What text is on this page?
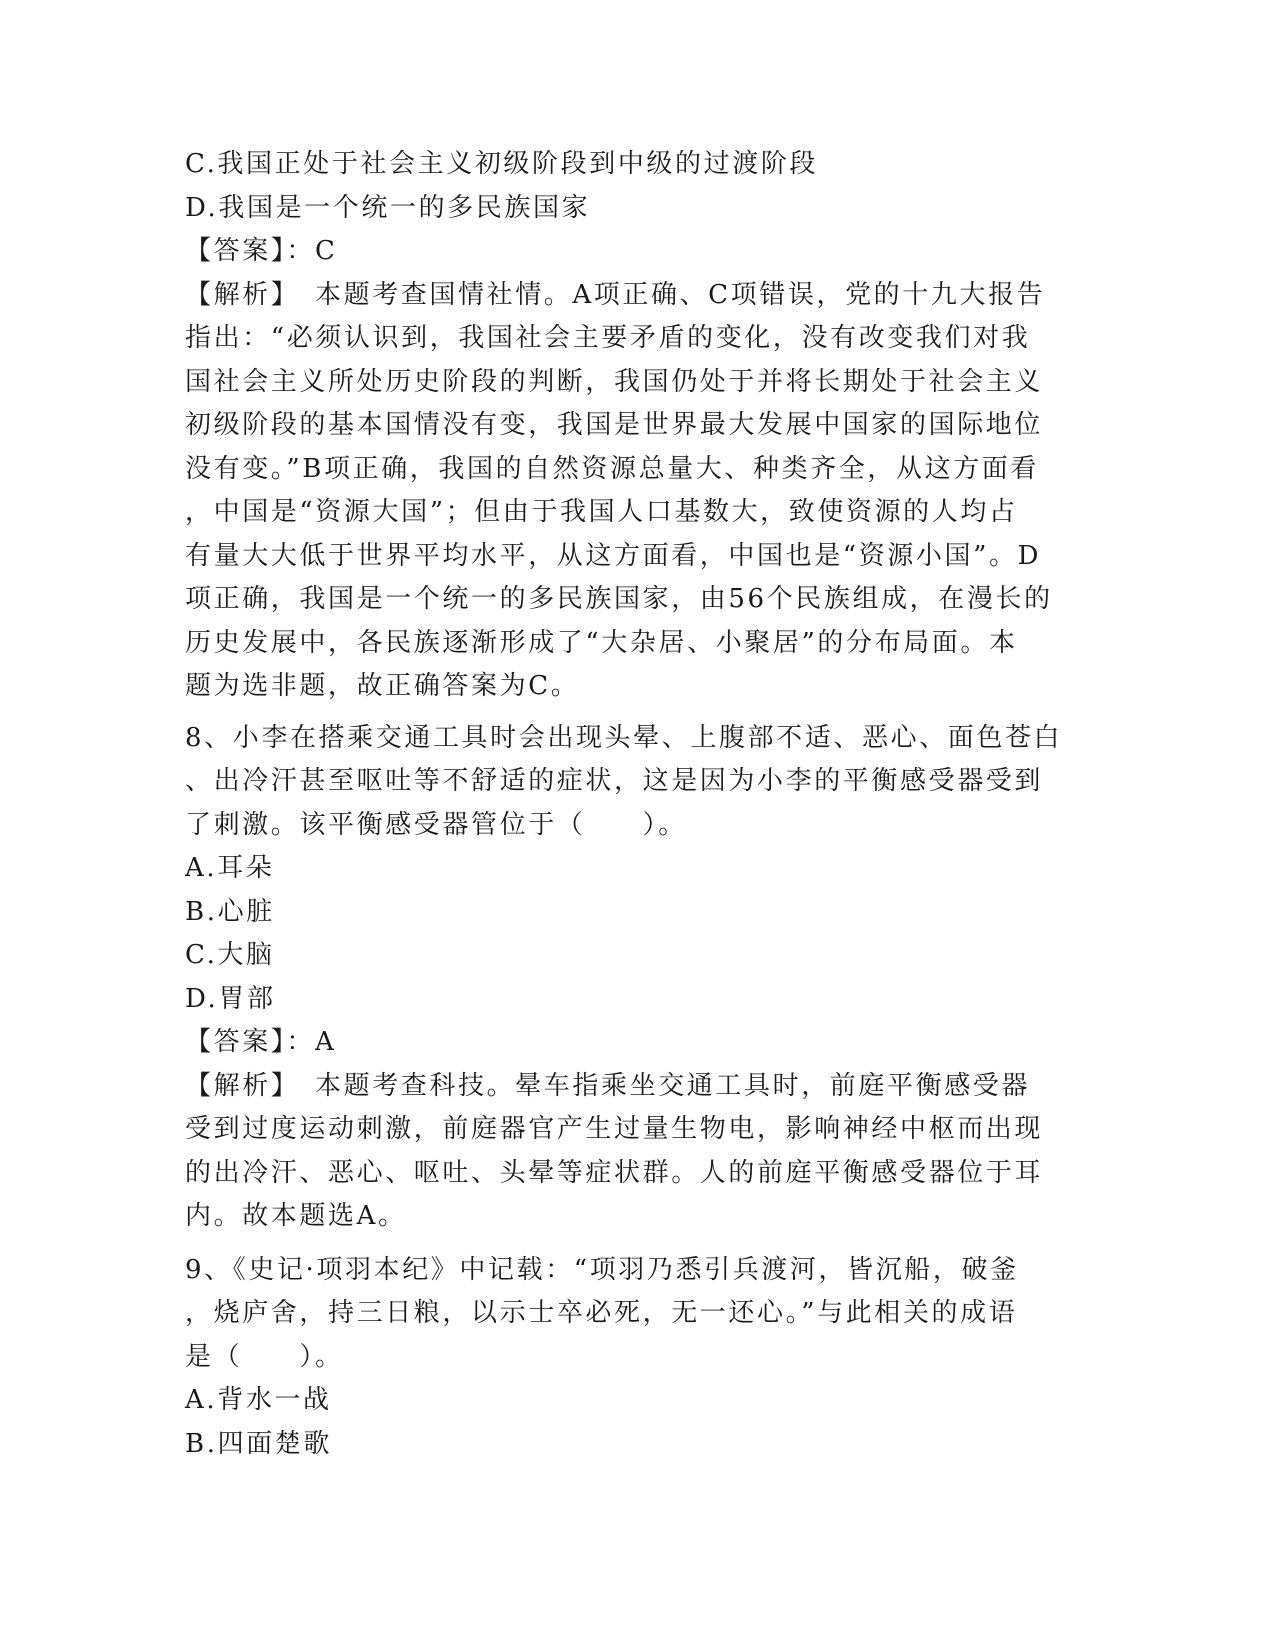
C.我国正处于社会主义初级阶段到中级的过渡阶段
D.我国是一个统一的多民族国家
【答案】：C
【解析】　本题考查国情社情。A项正确、C项错误，党的十九大报告
指出：“必须认识到，我国社会主要矛盾的变化，没有改变我们对我
国社会主义所处历史阶段的判断，我国仍处于并将长期处于社会主义
初级阶段的基本国情没有变，我国是世界最大发展中国家的国际地位
没有变。”B项正确，我国的自然资源总量大、种类齐全，从这方面看
，中国是“资源大国”；但由于我国人口基数大，致使资源的人均占
有量大大低于世界平均水平，从这方面看，中国也是“资源小国”。D
项正确，我国是一个统一的多民族国家，由56个民族组成，在漫长的
历史发展中，各民族逐渐形成了“大杂居、小聚居”的分布局面。本
题为选非题，故正确答案为C。
8、小李在搭乘交通工具时会出现头晕、上腹部不适、恶心、面色苍白
、出冷汗甚至呕吐等不舒适的症状，这是因为小李的平衡感受器受到
了刺激。该平衡感受器管位于（　　）。
A.耳朵
B.心脏
C.大脑
D.胃部
【答案】：A
【解析】　本题考查科技。晕车指乘坐交通工具时，前庭平衡感受器
受到过度运动刺激，前庭器官产生过量生物电，影响神经中枢而出现
的出冷汗、恶心、呕吐、头晕等症状群。人的前庭平衡感受器位于耳
内。故本题选A。
9、《史记·项羽本纪》中记载：“项羽乃悉引兵渡河，皆沉船，破釜
，烧庐舍，持三日粮，以示士卒必死，无一还心。”与此相关的成语
是（　　）。
A.背水一战
B.四面楚歌
